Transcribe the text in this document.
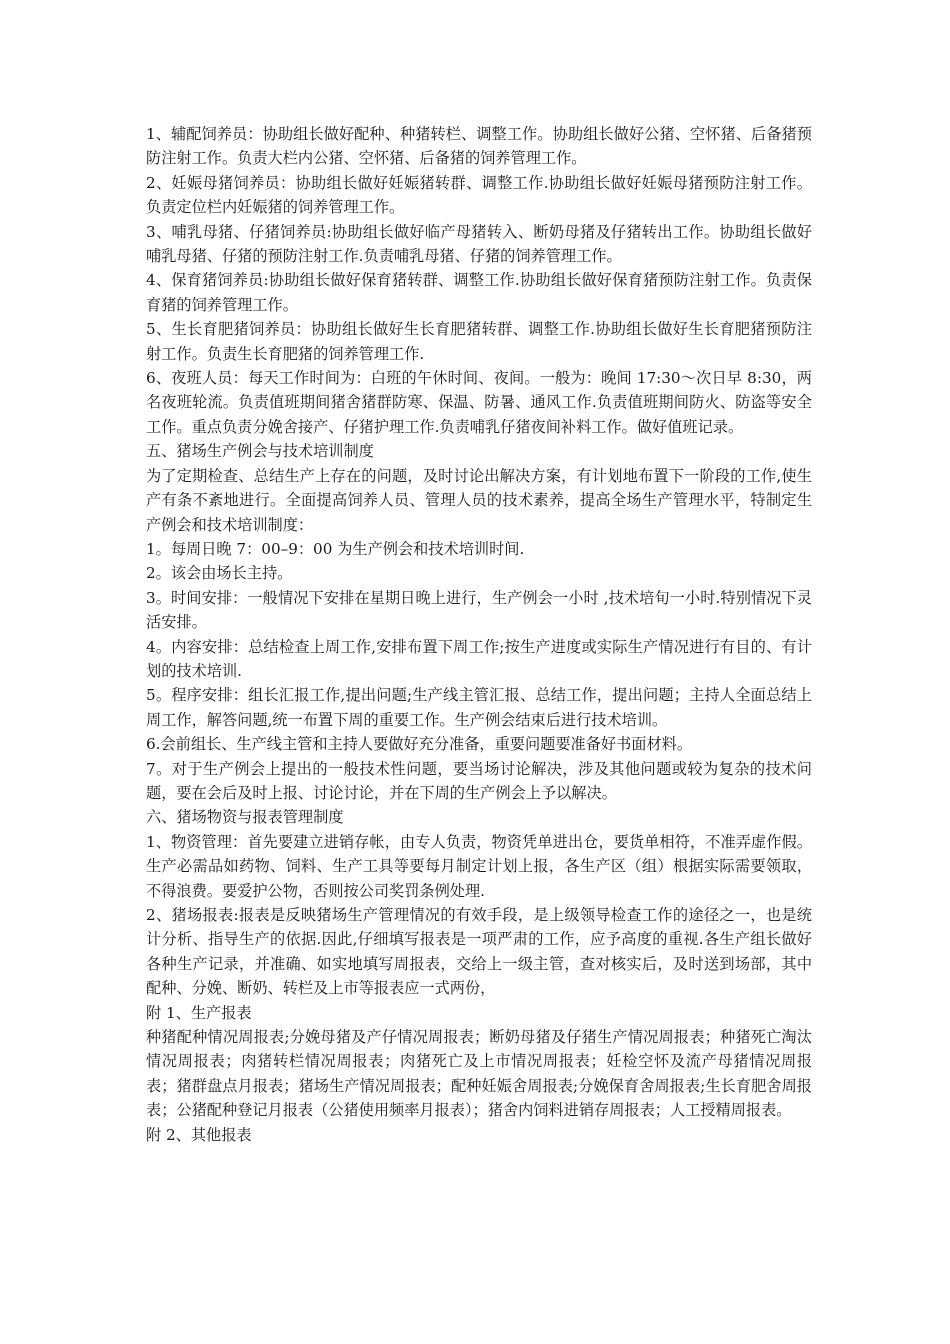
1、辅配饲养员：协助组长做好配种、种猪转栏、调整工作。协助组长做好公猪、空怀猪、后备猪预防注射工作。负责大栏内公猪、空怀猪、后备猪的饲养管理工作。

2、妊娠母猪饲养员：协助组长做好妊娠猪转群、调整工作.协助组长做好妊娠母猪预防注射工作。负责定位栏内妊娠猪的饲养管理工作。

3、哺乳母猪、仔猪饲养员:协助组长做好临产母猪转入、断奶母猪及仔猪转出工作。协助组长做好哺乳母猪、仔猪的预防注射工作.负责哺乳母猪、仔猪的饲养管理工作。

4、保育猪饲养员:协助组长做好保育猪转群、调整工作.协助组长做好保育猪预防注射工作。负责保育猪的饲养管理工作。

5、生长育肥猪饲养员：协助组长做好生长育肥猪转群、调整工作.协助组长做好生长育肥猪预防注射工作。负责生长育肥猪的饲养管理工作.

6、夜班人员：每天工作时间为：白班的午休时间、夜间。一般为：晚间 17:30～次日早 8:30，两名夜班轮流。负责值班期间猪舍猪群防寒、保温、防暑、通风工作.负责值班期间防火、防盗等安全工作。重点负责分娩舍接产、仔猪护理工作.负责哺乳仔猪夜间补料工作。做好值班记录。

五、猪场生产例会与技术培训制度

为了定期检查、总结生产上存在的问题，及时讨论出解决方案，有计划地布置下一阶段的工作,使生产有条不紊地进行。全面提高饲养人员、管理人员的技术素养，提高全场生产管理水平，特制定生产例会和技术培训制度：

1。每周日晚 7：00–9：00 为生产例会和技术培训时间.

2。该会由场长主持。

3。时间安排：一般情况下安排在星期日晚上进行，生产例会一小时 ,技术培旬一小时.特别情况下灵活安排。

4。内容安排：总结检查上周工作,安排布置下周工作;按生产进度或实际生产情况进行有目的、有计划的技术培训.

5。程序安排：组长汇报工作,提出问题;生产线主管汇报、总结工作，提出问题；主持人全面总结上周工作，解答问题,统一布置下周的重要工作。生产例会结束后进行技术培训。

6.会前组长、生产线主管和主持人要做好充分准备，重要问题要准备好书面材料。

7。对于生产例会上提出的一般技术性问题，要当场讨论解决，涉及其他问题或较为复杂的技术问题，要在会后及时上报、讨论讨论，并在下周的生产例会上予以解决。

六、猪场物资与报表管理制度

1、物资管理：首先要建立进销存帐，由专人负责，物资凭单进出仓，要货单相符，不准弄虚作假。生产必需品如药物、饲料、生产工具等要每月制定计划上报，各生产区（组）根据实际需要领取，不得浪费。要爱护公物，否则按公司奖罚条例处理.

2、猪场报表:报表是反映猪场生产管理情况的有效手段，是上级领导检查工作的途径之一，也是统计分析、指导生产的依据.因此,仔细填写报表是一项严肃的工作，应予高度的重视.各生产组长做好各种生产记录，并准确、如实地填写周报表，交给上一级主管，查对核实后，及时送到场部，其中配种、分娩、断奶、转栏及上市等报表应一式两份，

附 1、生产报表

种猪配种情况周报表;分娩母猪及产仔情况周报表；断奶母猪及仔猪生产情况周报表；种猪死亡淘汰情况周报表；肉猪转栏情况周报表；肉猪死亡及上市情况周报表；妊检空怀及流产母猪情况周报表；猪群盘点月报表；猪场生产情况周报表；配种妊娠舍周报表;分娩保育舍周报表;生长育肥舍周报表；公猪配种登记月报表（公猪使用频率月报表）；猪舍内饲料进销存周报表；人工授精周报表。

附 2、其他报表
